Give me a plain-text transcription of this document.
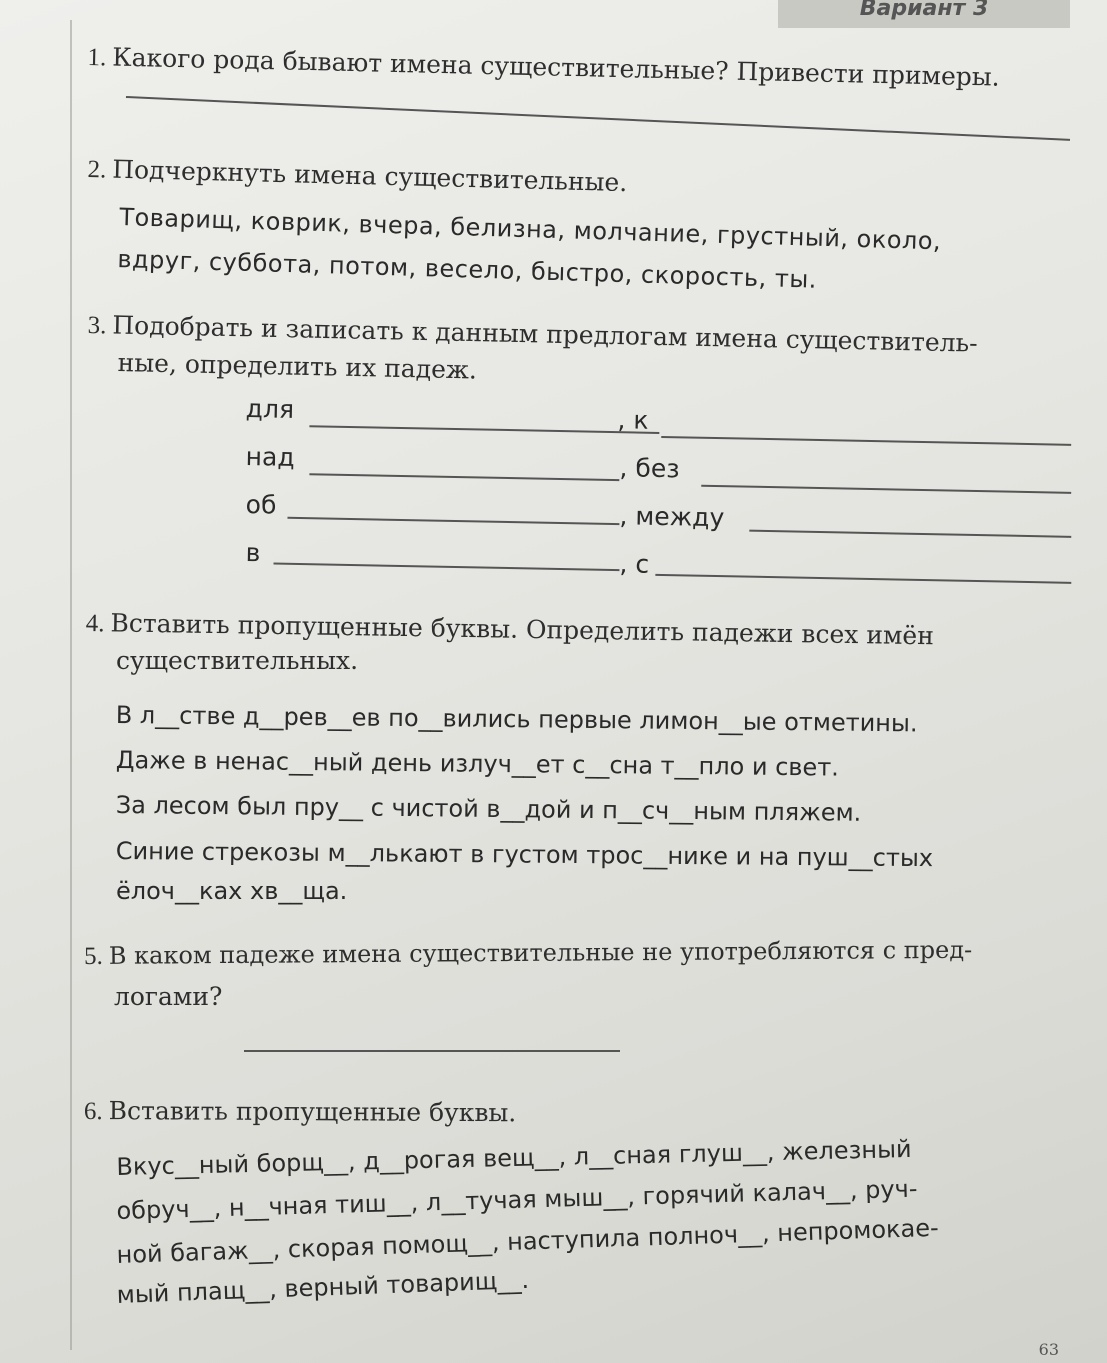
Вариант 3
1. Какого рода бывают имена существительные? Привести примеры.
2. Подчеркнуть имена существительные.
Товарищ, коврик, вчера, белизна, молчание, грустный, около,
вдруг, суббота, потом, весело, быстро, скорость, ты.
3. Подобрать и записать к данным предлогам имена существитель-
ные, определить их падеж.
для	, к
над	, без
об	, между
в	, с
4. Вставить пропущенные буквы. Определить падежи всех имён
существительных.
В л__стве д__рев__ев по__вились первые лимон__ые отметины.
Даже в ненас__ный день излуч__ет с__сна т__пло и свет.
За лесом был пру__ с чистой в__дой и п__сч__ным пляжем.
Синие стрекозы м__лькают в густом трос__нике и на пуш__стых
ёлоч__ках хв__ща.
5. В каком падеже имена существительные не употребляются с пред-
логами?
6. Вставить пропущенные буквы.
Вкус__ный борщ__, д__рогая вещ__, л__сная глуш__, железный
обруч__, н__чная тиш__, л__тучая мыш__, горячий калач__, руч-
ной багаж__, скорая помощ__, наступила полноч__, непромокае-
мый плащ__, верный товарищ__.
63
